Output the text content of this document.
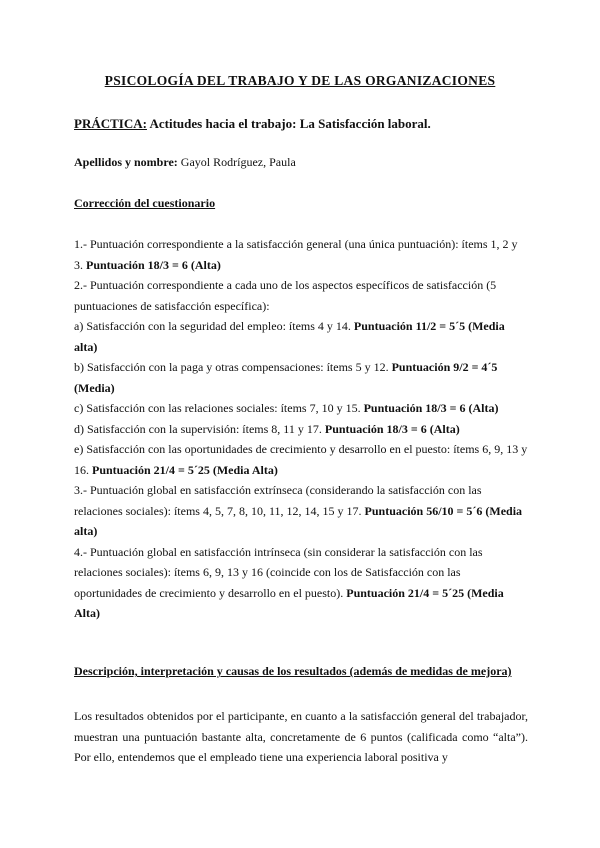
PSICOLOGÍA DEL TRABAJO Y DE LAS ORGANIZACIONES
PRÁCTICA: Actitudes hacia el trabajo: La Satisfacción laboral.
Apellidos y nombre: Gayol Rodríguez, Paula
Corrección del cuestionario

1.- Puntuación correspondiente a la satisfacción general (una única puntuación): ítems 1, 2 y 3. Puntuación 18/3 = 6 (Alta)

2.- Puntuación correspondiente a cada uno de los aspectos específicos de satisfacción (5 puntuaciones de satisfacción específica):

a) Satisfacción con la seguridad del empleo: ítems 4 y 14. Puntuación 11/2 = 5´5 (Media alta)

b) Satisfacción con la paga y otras compensaciones: ítems 5 y 12. Puntuación 9/2 = 4´5 (Media)

c) Satisfacción con las relaciones sociales: ítems 7, 10 y 15. Puntuación 18/3 = 6 (Alta)

d) Satisfacción con la supervisión: ítems 8, 11 y 17. Puntuación 18/3 = 6 (Alta)

e) Satisfacción con las oportunidades de crecimiento y desarrollo en el puesto: ítems 6, 9, 13 y 16. Puntuación 21/4 = 5´25 (Media Alta)

3.- Puntuación global en satisfacción extrínseca (considerando la satisfacción con las relaciones sociales): ítems 4, 5, 7, 8, 10, 11, 12, 14, 15 y 17. Puntuación 56/10 = 5´6 (Media alta)

4.- Puntuación global en satisfacción intrínseca (sin considerar la satisfacción con las relaciones sociales): ítems 6, 9, 13 y 16 (coincide con los de Satisfacción con las oportunidades de crecimiento y desarrollo en el puesto). Puntuación 21/4 = 5´25 (Media Alta)

Descripción, interpretación y causas de los resultados (además de medidas de mejora)

Los resultados obtenidos por el participante, en cuanto a la satisfacción general del trabajador, muestran una puntuación bastante alta, concretamente de 6 puntos (calificada como “alta”). Por ello, entendemos que el empleado tiene una experiencia laboral positiva y
